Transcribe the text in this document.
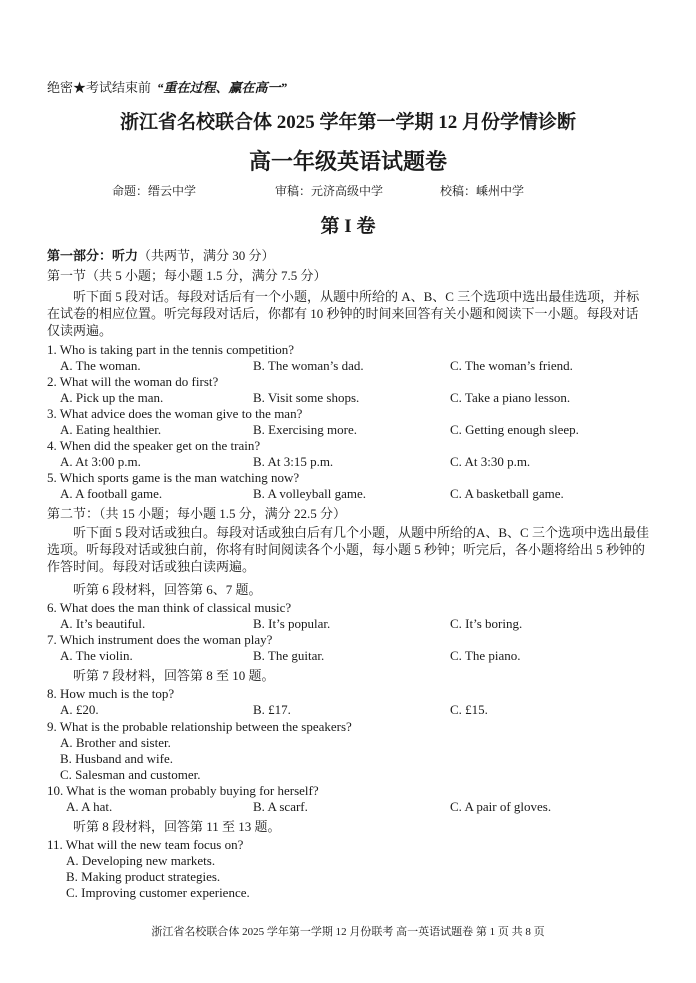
绝密★考试结束前 “重在过程、赢在高一”
浙江省名校联合体 2025 学年第一学期 12 月份学情诊断
高一年级英语试题卷
命题：缙云中学	审稿：元济高级中学	校稿：嵊州中学
第 I 卷
第一部分：听力（共两节，满分 30 分）
第一节（共 5 小题；每小题 1.5 分，满分 7.5 分）
听下面 5 段对话。每段对话后有一个小题，从题中所给的 A、B、C 三个选项中选出最佳选项，并标在试卷的相应位置。听完每段对话后，你都有 10 秒钟的时间来回答有关小题和阅读下一小题。每段对话仅读两遍。
1. Who is taking part in the tennis competition?
A. The woman.	B. The woman’s dad.	C. The woman’s friend.
2. What will the woman do first?
A. Pick up the man.	B. Visit some shops.	C. Take a piano lesson.
3. What advice does the woman give to the man?
A. Eating healthier.	B. Exercising more.	C. Getting enough sleep.
4. When did the speaker get on the train?
A. At 3:00 p.m.	B. At 3:15 p.m.	C. At 3:30 p.m.
5. Which sports game is the man watching now?
A. A football game.	B. A volleyball game.	C. A basketball game.
第二节：（共 15 小题；每小题 1.5 分，满分 22.5 分）
听下面 5 段对话或独白。每段对话或独白后有几个小题，从题中所给的A、B、C 三个选项中选出最佳选项。听每段对话或独白前，你将有时间阅读各个小题，每小题 5 秒钟；听完后，各小题将给出 5 秒钟的作答时间。每段对话或独白读两遍。
听第 6 段材料，回答第 6、7 题。
6. What does the man think of classical music?
A. It’s beautiful.	B. It’s popular.	C. It’s boring.
7. Which instrument does the woman play?
A. The violin.	B. The guitar.	C. The piano.
听第 7 段材料，回答第 8 至 10 题。
8. How much is the top?
A. £20.	B. £17.	C. £15.
9. What is the probable relationship between the speakers?
A. Brother and sister.
B. Husband and wife.
C. Salesman and customer.
10. What is the woman probably buying for herself?
A. A hat.	B. A scarf.	C. A pair of gloves.
听第 8 段材料，回答第 11 至 13 题。
11. What will the new team focus on?
A. Developing new markets.
B. Making product strategies.
C. Improving customer experience.
浙江省名校联合体 2025 学年第一学期 12 月份联考 高一英语试题卷 第 1 页 共 8 页
